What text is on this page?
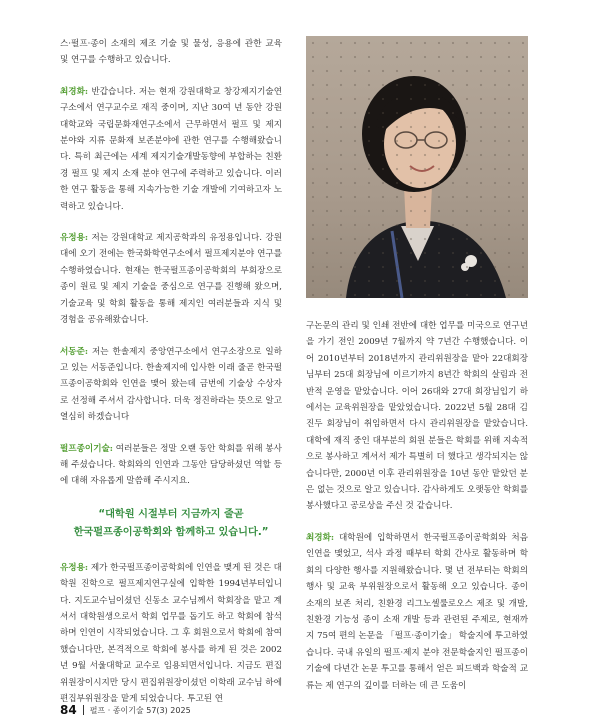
스·펄프·종이 소재의 제조 기술 및 물성, 응용에 관한 교육 및 연구를 수행하고 있습니다.

최경화: 반갑습니다. 저는 현재 강원대학교 창강제지기술연구소에서 연구교수로 재직 중이며, 지난 30여 년 동안 강원대학교와 국립문화재연구소에서 근무하면서 펄프 및 제지 분야와 지류 문화재 보존분야에 관한 연구를 수행해왔습니다. 특히 최근에는 세계 제지기술개발동향에 부합하는 친환경 펄프 및 제지 소재 분야 연구에 주력하고 있습니다. 이러한 연구 활동을 통해 지속가능한 기술 개발에 기여하고자 노력하고 있습니다.

유정용: 저는 강원대학교 제지공학과의 유정용입니다. 강원대에 오기 전에는 한국화학연구소에서 펄프제지분야 연구를 수행하였습니다. 현재는 한국펄프종이공학회의 부회장으로 종이 원료 및 제지 기술을 중심으로 연구를 진행해 왔으며, 기술교육 및 학회 활동을 통해 제지인 여러분들과 지식 및 경험을 공유해왔습니다.

서동준: 저는 한솔제지 중앙연구소에서 연구소장으로 일하고 있는 서동준입니다. 한솔제지에 입사한 이래 줄곧 한국펄프종이공학회와 인연을 맺어 왔는데 금번에 기술상 수상자로 선정해 주셔서 감사합니다. 더욱 정진하라는 뜻으로 알고 열심히 하겠습니다

펄프종이기술: 여러분들은 정말 오랜 동안 학회를 위해 봉사해 주셨습니다. 학회와의 인연과 그동안 담당하셨던 역할 등에 대해 자유롭게 말씀해 주시지요.

“대학원 시절부터 지금까지 줄곧
한국펄프종이공학회와 함께하고 있습니다.”

유정용: 제가 한국펄프종이공학회에 인연을 맺게 된 것은 대학원 진학으로 펄프제지연구실에 입학한 1994년부터입니다. 지도교수님이셨던 신동소 교수님께서 학회장을 맡고 계셔서 대학원생으로서 학회 업무를 돕기도 하고 학회에 참석하며 인연이 시작되었습니다. 그 후 회원으로서 학회에 참여했습니다만, 본격적으로 학회에 봉사를 하게 된 것은 2002년 9월 서울대학교 교수로 임용되면서입니다. 지금도 편집위원장이시지만 당시 편집위원장이셨던 이학래 교수님 하에 편집부위원장을 맡게 되었습니다. 투고된 연

구논문의 관리 및 인쇄 전반에 대한 업무를 미국으로 연구년을 가기 전인 2009년 7월까지 약 7년간 수행했습니다. 이어 2010년부터 2018년까지 관리위원장을 맡아 22대회장님부터 25대 회장님에 이르기까지 8년간 학회의 살림과 전반적 운영을 맡았습니다. 이어 26대와 27대 회장님입기 하에서는 교육위원장을 맡았었습니다. 2022년 5월 28대 김진두 회장님이 취임하면서 다시 관리위원장을 맡았습니다. 대학에 재직 중인 대부분의 회원 분들은 학회를 위해 지속적으로 봉사하고 계셔서 제가 특별히 더 했다고 생각되지는 않습니다만, 2000년 이후 관리위원장을 10년 동안 맡았던 분은 없는 것으로 알고 있습니다. 감사하게도 오랫동안 학회를 봉사했다고 공로상을 주신 것 같습니다.

최경화: 대학원에 입학하면서 한국펄프종이공학회와 처음 인연을 맺었고, 석사 과정 때부터 학회 간사로 활동하며 학회의 다양한 행사를 지원해왔습니다. 몇 년 전부터는 학회의 행사 및 교육 부위원장으로서 활동해 오고 있습니다. 종이 소재의 보존 처리, 친환경 리그노셀룰로오스 제조 및 개발, 친환경 기능성 종이 소재 개발 등과 관련된 주제로, 현재까지 75여 편의 논문을 「펄프·종이기술」 학술지에 투고하였습니다. 국내 유일의 펄프·제지 분야 전문학술지인 펄프종이기술에 다년간 논문 투고를 통해서 얻은 피드백과 학술적 교류는 제 연구의 깊이를 더하는 데 큰 도움이

84 펄프 · 종이기술 57(3) 2025
